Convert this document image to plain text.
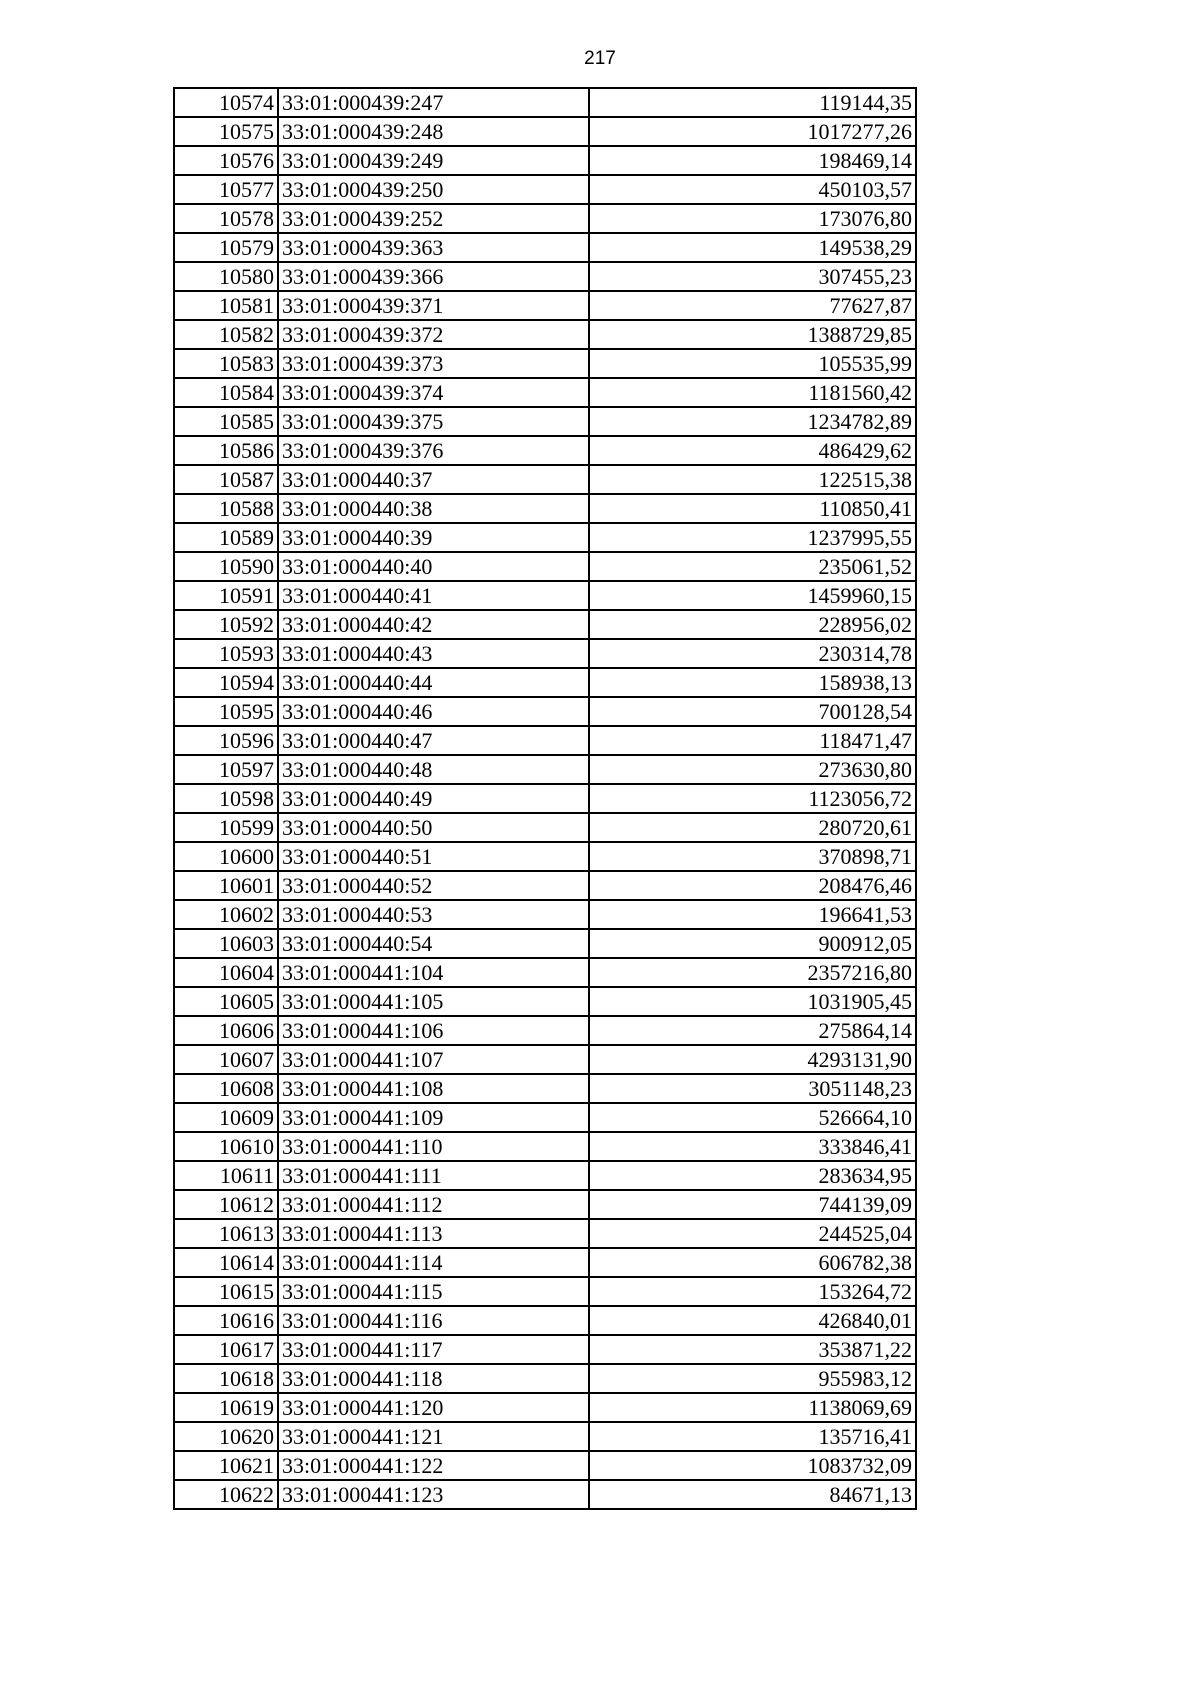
217
10574	33:01:000439:247	119144,35
10575	33:01:000439:248	1017277,26
10576	33:01:000439:249	198469,14
10577	33:01:000439:250	450103,57
10578	33:01:000439:252	173076,80
10579	33:01:000439:363	149538,29
10580	33:01:000439:366	307455,23
10581	33:01:000439:371	77627,87
10582	33:01:000439:372	1388729,85
10583	33:01:000439:373	105535,99
10584	33:01:000439:374	1181560,42
10585	33:01:000439:375	1234782,89
10586	33:01:000439:376	486429,62
10587	33:01:000440:37	122515,38
10588	33:01:000440:38	110850,41
10589	33:01:000440:39	1237995,55
10590	33:01:000440:40	235061,52
10591	33:01:000440:41	1459960,15
10592	33:01:000440:42	228956,02
10593	33:01:000440:43	230314,78
10594	33:01:000440:44	158938,13
10595	33:01:000440:46	700128,54
10596	33:01:000440:47	118471,47
10597	33:01:000440:48	273630,80
10598	33:01:000440:49	1123056,72
10599	33:01:000440:50	280720,61
10600	33:01:000440:51	370898,71
10601	33:01:000440:52	208476,46
10602	33:01:000440:53	196641,53
10603	33:01:000440:54	900912,05
10604	33:01:000441:104	2357216,80
10605	33:01:000441:105	1031905,45
10606	33:01:000441:106	275864,14
10607	33:01:000441:107	4293131,90
10608	33:01:000441:108	3051148,23
10609	33:01:000441:109	526664,10
10610	33:01:000441:110	333846,41
10611	33:01:000441:111	283634,95
10612	33:01:000441:112	744139,09
10613	33:01:000441:113	244525,04
10614	33:01:000441:114	606782,38
10615	33:01:000441:115	153264,72
10616	33:01:000441:116	426840,01
10617	33:01:000441:117	353871,22
10618	33:01:000441:118	955983,12
10619	33:01:000441:120	1138069,69
10620	33:01:000441:121	135716,41
10621	33:01:000441:122	1083732,09
10622	33:01:000441:123	84671,13
